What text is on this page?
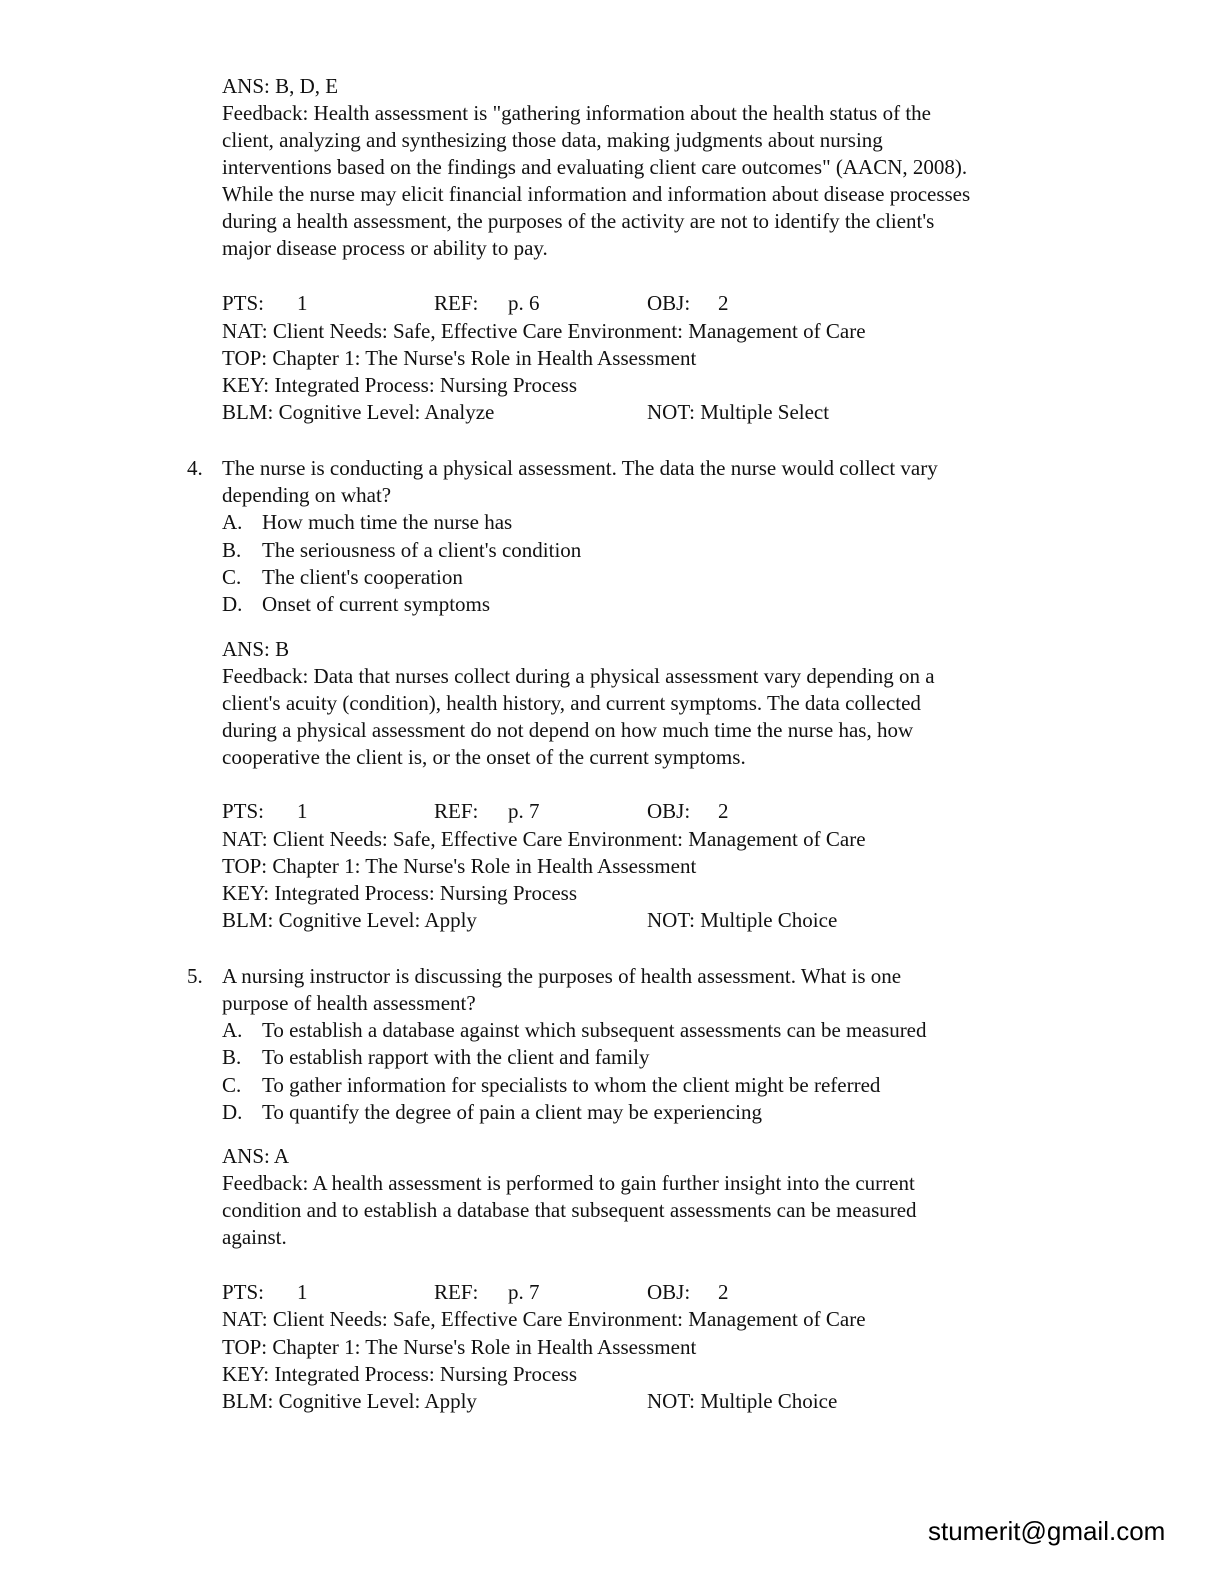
ANS: B, D, E
Feedback: Health assessment is "gathering information about the health status of the
client, analyzing and synthesizing those data, making judgments about nursing
interventions based on the findings and evaluating client care outcomes" (AACN, 2008).
While the nurse may elicit financial information and information about disease processes
during a health assessment, the purposes of the activity are not to identify the client's
major disease process or ability to pay.
PTS: 1	REF: p. 6	OBJ: 2
NAT: Client Needs: Safe, Effective Care Environment: Management of Care
TOP: Chapter 1: The Nurse's Role in Health Assessment
KEY: Integrated Process: Nursing Process
BLM: Cognitive Level: Analyze	NOT: Multiple Select
4. The nurse is conducting a physical assessment. The data the nurse would collect vary
depending on what?
A. How much time the nurse has
B. The seriousness of a client's condition
C. The client's cooperation
D. Onset of current symptoms
ANS: B
Feedback: Data that nurses collect during a physical assessment vary depending on a
client's acuity (condition), health history, and current symptoms. The data collected
during a physical assessment do not depend on how much time the nurse has, how
cooperative the client is, or the onset of the current symptoms.
PTS: 1	REF: p. 7	OBJ: 2
NAT: Client Needs: Safe, Effective Care Environment: Management of Care
TOP: Chapter 1: The Nurse's Role in Health Assessment
KEY: Integrated Process: Nursing Process
BLM: Cognitive Level: Apply	NOT: Multiple Choice
5. A nursing instructor is discussing the purposes of health assessment. What is one
purpose of health assessment?
A. To establish a database against which subsequent assessments can be measured
B. To establish rapport with the client and family
C. To gather information for specialists to whom the client might be referred
D. To quantify the degree of pain a client may be experiencing
ANS: A
Feedback: A health assessment is performed to gain further insight into the current
condition and to establish a database that subsequent assessments can be measured
against.
PTS: 1	REF: p. 7	OBJ: 2
NAT: Client Needs: Safe, Effective Care Environment: Management of Care
TOP: Chapter 1: The Nurse's Role in Health Assessment
KEY: Integrated Process: Nursing Process
BLM: Cognitive Level: Apply	NOT: Multiple Choice
stumerit@gmail.com
